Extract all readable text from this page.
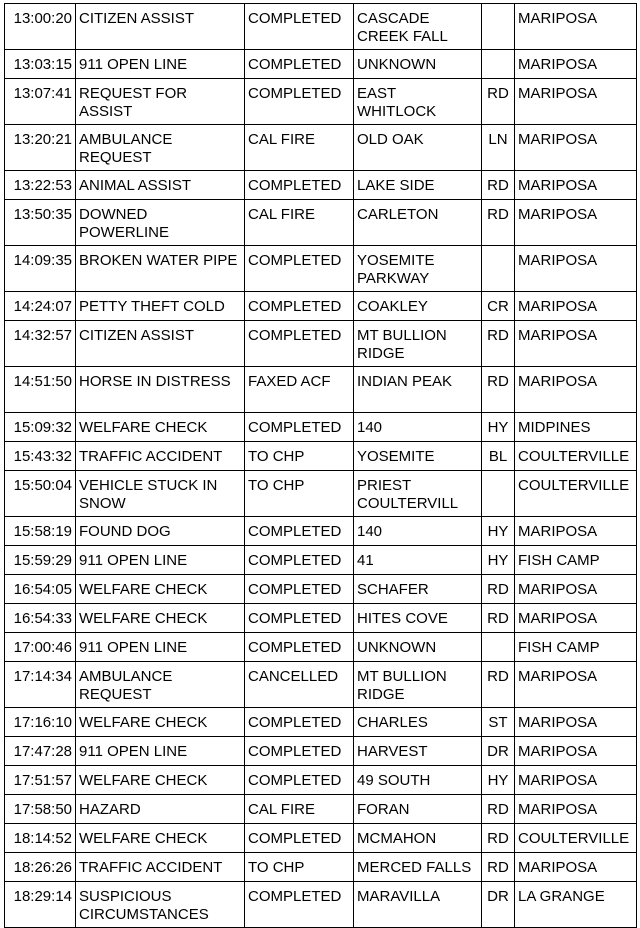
13:00:20	CITIZEN ASSIST	COMPLETED	CASCADE CREEK FALL		MARIPOSA
13:03:15	911 OPEN LINE	COMPLETED	UNKNOWN		MARIPOSA
13:07:41	REQUEST FOR ASSIST	COMPLETED	EAST WHITLOCK	RD	MARIPOSA
13:20:21	AMBULANCE REQUEST	CAL FIRE	OLD OAK	LN	MARIPOSA
13:22:53	ANIMAL ASSIST	COMPLETED	LAKE SIDE	RD	MARIPOSA
13:50:35	DOWNED POWERLINE	CAL FIRE	CARLETON	RD	MARIPOSA
14:09:35	BROKEN WATER PIPE	COMPLETED	YOSEMITE PARKWAY		MARIPOSA
14:24:07	PETTY THEFT COLD	COMPLETED	COAKLEY	CR	MARIPOSA
14:32:57	CITIZEN ASSIST	COMPLETED	MT BULLION RIDGE	RD	MARIPOSA
14:51:50	HORSE IN DISTRESS	FAXED ACF	INDIAN PEAK	RD	MARIPOSA
15:09:32	WELFARE CHECK	COMPLETED	140	HY	MIDPINES
15:43:32	TRAFFIC ACCIDENT	TO CHP	YOSEMITE	BL	COULTERVILLE
15:50:04	VEHICLE STUCK IN SNOW	TO CHP	PRIEST COULTERVILL		COULTERVILLE
15:58:19	FOUND DOG	COMPLETED	140	HY	MARIPOSA
15:59:29	911 OPEN LINE	COMPLETED	41	HY	FISH CAMP
16:54:05	WELFARE CHECK	COMPLETED	SCHAFER	RD	MARIPOSA
16:54:33	WELFARE CHECK	COMPLETED	HITES COVE	RD	MARIPOSA
17:00:46	911 OPEN LINE	COMPLETED	UNKNOWN		FISH CAMP
17:14:34	AMBULANCE REQUEST	CANCELLED	MT BULLION RIDGE	RD	MARIPOSA
17:16:10	WELFARE CHECK	COMPLETED	CHARLES	ST	MARIPOSA
17:47:28	911 OPEN LINE	COMPLETED	HARVEST	DR	MARIPOSA
17:51:57	WELFARE CHECK	COMPLETED	49 SOUTH	HY	MARIPOSA
17:58:50	HAZARD	CAL FIRE	FORAN	RD	MARIPOSA
18:14:52	WELFARE CHECK	COMPLETED	MCMAHON	RD	COULTERVILLE
18:26:26	TRAFFIC ACCIDENT	TO CHP	MERCED FALLS	RD	MARIPOSA
18:29:14	SUSPICIOUS CIRCUMSTANCES	COMPLETED	MARAVILLA	DR	LA GRANGE
